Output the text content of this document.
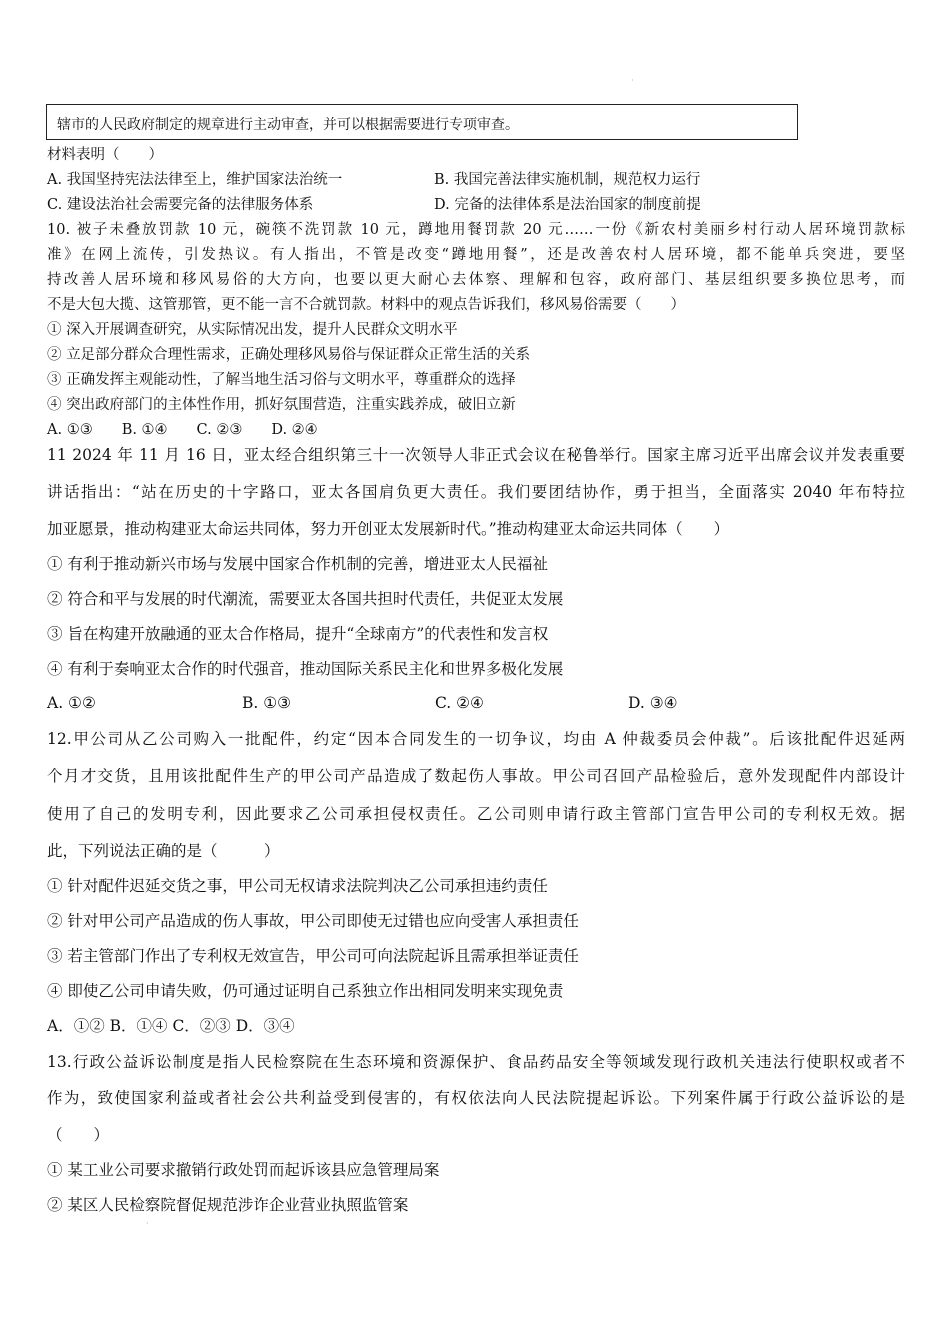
·
辖市的人民政府制定的规章进行主动审查，并可以根据需要进行专项审查。
材料表明（　　）
A. 我国坚持宪法法律至上，维护国家法治统一	B. 我国完善法律实施机制，规范权力运行
C. 建设法治社会需要完备的法律服务体系	D. 完备的法律体系是法治国家的制度前提
10. 被子未叠放罚款 10 元，碗筷不洗罚款 10 元，蹲地用餐罚款 20 元……一份《新农村美丽乡村行动人居环境罚款标
准》在网上流传，引发热议。有人指出，不管是改变“蹲地用餐”，还是改善农村人居环境，都不能单兵突进，要坚
持改善人居环境和移风易俗的大方向，也要以更大耐心去体察、理解和包容，政府部门、基层组织要多换位思考，而
不是大包大揽、这管那管，更不能一言不合就罚款。材料中的观点告诉我们，移风易俗需要（　　）
① 深入开展调查研究，从实际情况出发，提升人民群众文明水平
② 立足部分群众合理性需求，正确处理移风易俗与保证群众正常生活的关系
③ 正确发挥主观能动性，了解当地生活习俗与文明水平，尊重群众的选择
④ 突出政府部门的主体性作用，抓好氛围营造，注重实践养成，破旧立新
A. ①③　　B. ①④　　C. ②③　　D. ②④
11 2024 年 11 月 16 日，亚太经合组织第三十一次领导人非正式会议在秘鲁举行。国家主席习近平出席会议并发表重要
讲话指出：“站在历史的十字路口，亚太各国肩负更大责任。我们要团结协作，勇于担当，全面落实 2040 年布特拉
加亚愿景，推动构建亚太命运共同体，努力开创亚太发展新时代。”推动构建亚太命运共同体（　　）
① 有利于推动新兴市场与发展中国家合作机制的完善，增进亚太人民福祉
② 符合和平与发展的时代潮流，需要亚太各国共担时代责任，共促亚太发展
③ 旨在构建开放融通的亚太合作格局，提升“全球南方”的代表性和发言权
④ 有利于奏响亚太合作的时代强音，推动国际关系民主化和世界多极化发展
A. ①②	B. ①③	C. ②④	D. ③④
12.甲公司从乙公司购入一批配件，约定“因本合同发生的一切争议，均由 A 仲裁委员会仲裁”。后该批配件迟延两
个月才交货，且用该批配件生产的甲公司产品造成了数起伤人事故。甲公司召回产品检验后，意外发现配件内部设计
使用了自己的发明专利，因此要求乙公司承担侵权责任。乙公司则申请行政主管部门宣告甲公司的专利权无效。据
此，下列说法正确的是（　　　）
① 针对配件迟延交货之事，甲公司无权请求法院判决乙公司承担违约责任
② 针对甲公司产品造成的伤人事故，甲公司即使无过错也应向受害人承担责任
③ 若主管部门作出了专利权无效宣告，甲公司可向法院起诉且需承担举证责任
④ 即使乙公司申请失败，仍可通过证明自己系独立作出相同发明来实现免责
A．①② B．①④ C．②③ D．③④
13.行政公益诉讼制度是指人民检察院在生态环境和资源保护、食品药品安全等领域发现行政机关违法行使职权或者不
作为，致使国家利益或者社会公共利益受到侵害的，有权依法向人民法院提起诉讼。下列案件属于行政公益诉讼的是
（　　）
① 某工业公司要求撤销行政处罚而起诉该县应急管理局案
② 某区人民检察院督促规范涉诈企业营业执照监管案
·
